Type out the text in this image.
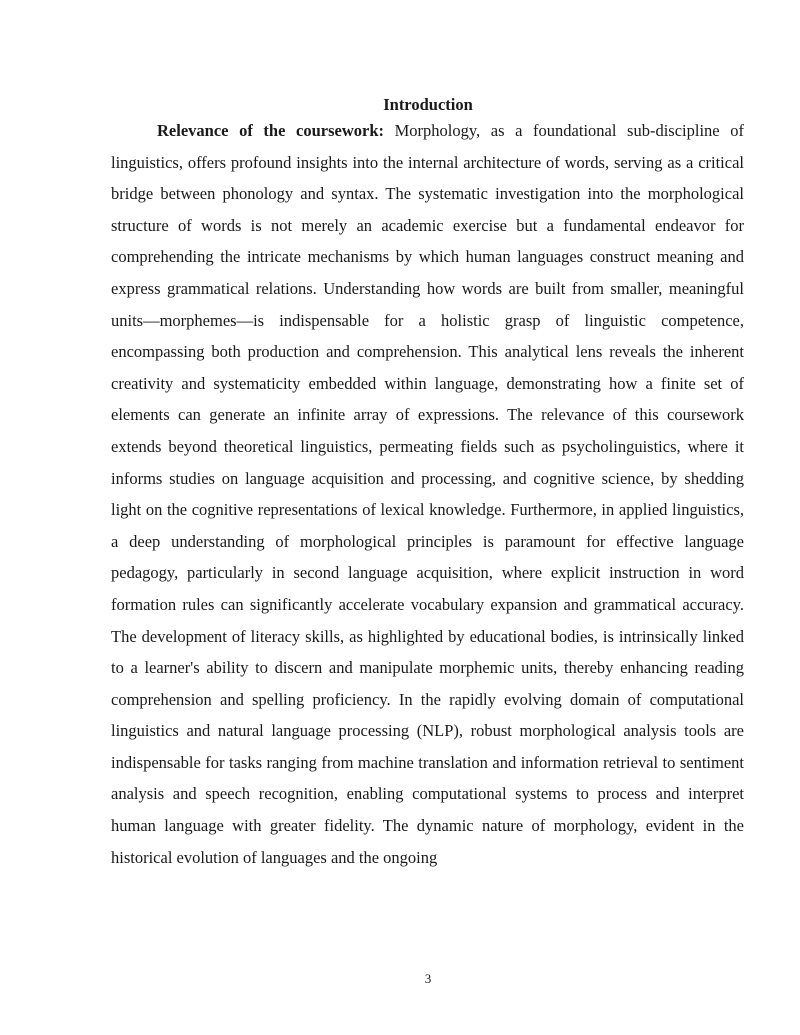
Introduction

Relevance of the coursework: Morphology, as a foundational sub-discipline of linguistics, offers profound insights into the internal architecture of words, serving as a critical bridge between phonology and syntax. The systematic investigation into the morphological structure of words is not merely an academic exercise but a fundamental endeavor for comprehending the intricate mechanisms by which human languages construct meaning and express grammatical relations. Understanding how words are built from smaller, meaningful units—morphemes—is indispensable for a holistic grasp of linguistic competence, encompassing both production and comprehension. This analytical lens reveals the inherent creativity and systematicity embedded within language, demonstrating how a finite set of elements can generate an infinite array of expressions. The relevance of this coursework extends beyond theoretical linguistics, permeating fields such as psycholinguistics, where it informs studies on language acquisition and processing, and cognitive science, by shedding light on the cognitive representations of lexical knowledge. Furthermore, in applied linguistics, a deep understanding of morphological principles is paramount for effective language pedagogy, particularly in second language acquisition, where explicit instruction in word formation rules can significantly accelerate vocabulary expansion and grammatical accuracy. The development of literacy skills, as highlighted by educational bodies, is intrinsically linked to a learner's ability to discern and manipulate morphemic units, thereby enhancing reading comprehension and spelling proficiency. In the rapidly evolving domain of computational linguistics and natural language processing (NLP), robust morphological analysis tools are indispensable for tasks ranging from machine translation and information retrieval to sentiment analysis and speech recognition, enabling computational systems to process and interpret human language with greater fidelity. The dynamic nature of morphology, evident in the historical evolution of languages and the ongoing

3
